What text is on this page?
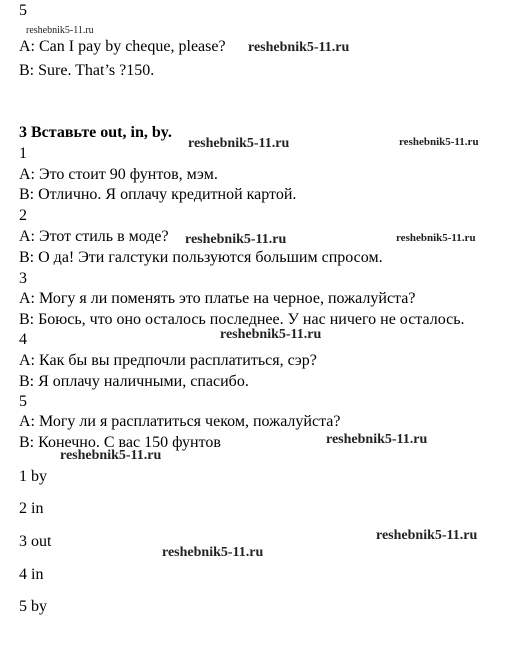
5
A: Can I pay by cheque, please?
B: Sure. That’s ?150.
3 Вставьте out, in, by.
1
A: Это стоит 90 фунтов, мэм.
B: Отлично. Я оплачу кредитной картой.
2
A: Этот стиль в моде?
B: О да! Эти галстуки пользуются большим спросом.
3
A: Могу я ли поменять это платье на черное, пожалуйста?
B: Боюсь, что оно осталось последнее. У нас ничего не осталось.
4
A: Как бы вы предпочли расплатиться, сэр?
B: Я оплачу наличными, спасибо.
5
A: Могу ли я расплатиться чеком, пожалуйста?
B: Конечно. С вас 150 фунтов
1 by
2 in
3 out
4 in
5 by
reshebnik5-11.ru
reshebnik5-11.ru
reshebnik5-11.ru	reshebnik5-11.ru
reshebnik5-11.ru	reshebnik5-11.ru
reshebnik5-11.ru
reshebnik5-11.ru
reshebnik5-11.ru
reshebnik5-11.ru
reshebnik5-11.ru
